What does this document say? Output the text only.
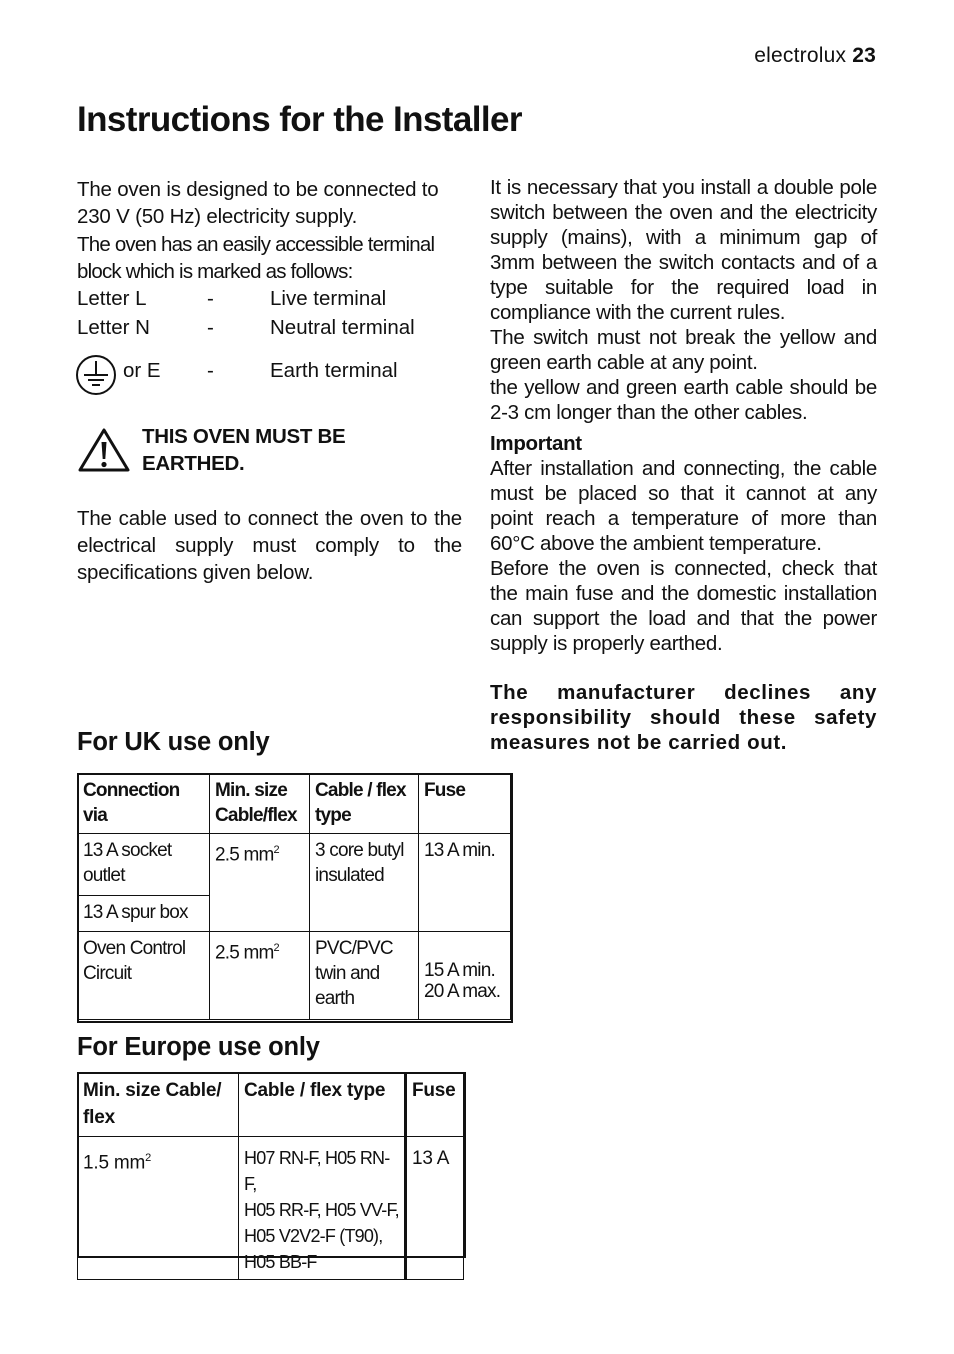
electrolux 23
Instructions for the Installer

The oven is designed to be connected to 230 V (50 Hz) electricity supply.

The oven has an easily accessible terminal block which is marked as follows:

Letter L	-	Live terminal
Letter N	-	Neutral terminal
or E -	Earth terminal
THIS OVEN MUST BE EARTHED.

The cable used to connect the oven to the electrical supply must comply to the specifications given below.

It is necessary that you install a double pole switch between the oven and the electricity supply (mains), with a minimum gap of 3mm between the switch contacts and of a type suitable for the required load in compliance with the current rules.

The switch must not break the yellow and green earth cable at any point.

the yellow and green earth cable should be 2-3 cm longer than the other cables.

Important

After installation and connecting, the cable must be placed so that it cannot at any point reach a temperature of more than 60°C above the ambient temperature.

Before the oven is connected, check that the main fuse and the domestic installation can support the load and that the power supply is properly earthed.

The manufacturer declines any responsibility should these safety measures not be carried out.

For UK use only
Connection via	Min. size Cable/flex	Cable / flex type	Fuse
13 A socket outlet	2.5 $mm^2$	3 core butyl insulated	13 A min.
13 A spur box			
Oven Control Circuit	2.5 $mm^2$	PVC/PVC twin and earth	15 A min.
20 A max.
For Europe use only
Min. size Cable/ flex	Cable / flex type	Fuse
1.5 $mm^2$	H07 RN-F, H05 RN-F,
H05 RR-F, H05 VV-F,
H05 V2V2-F (T90),
H05 BB-F	13 A
